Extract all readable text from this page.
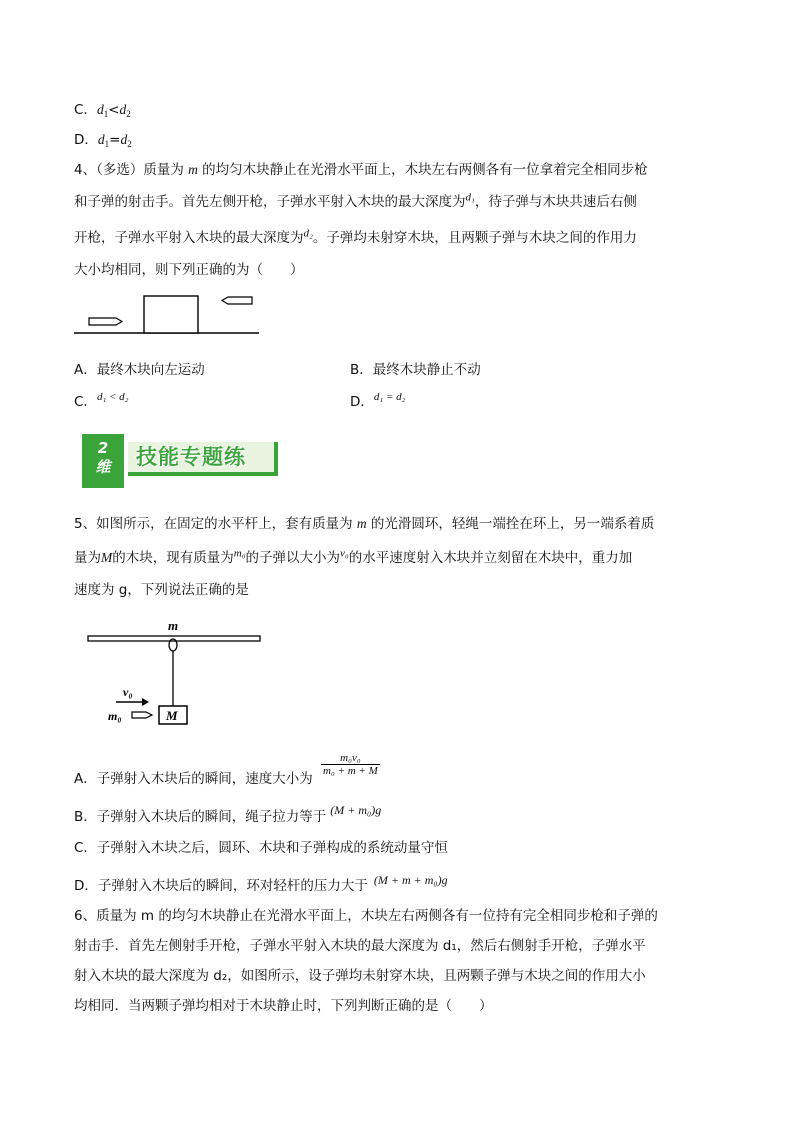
C．$d_1<d_2$
D．$d_1=d_2$
4、（多选）质量为 m 的均匀木块静止在光滑水平面上，木块左右两侧各有一位拿着完全相同步枪
和子弹的射击手。首先左侧开枪，子弹水平射入木块的最大深度为$^{d_1}$，待子弹与木块共速后右侧
开枪，子弹水平射入木块的最大深度为$^{d_2}$。子弹均未射穿木块，且两颗子弹与木块之间的作用力
大小均相同，则下列正确的为（　　）
A．最终木块向左运动	B．最终木块静止不动
C．$^{d_1 < d_2}$	D．$^{d_1 = d_2}$
2
维	技能专题练
5、如图所示，在固定的水平杆上，套有质量为 m 的光滑圆环，轻绳一端拴在环上，另一端系着质
量为M的木块，现有质量为$^{m_0}$的子弹以大小为$^{v_0}$的水平速度射入木块并立刻留在木块中，重力加
速度为 g，下列说法正确的是
m
M
v₀
m₀
A．子弹射入木块后的瞬间，速度大小为
$\frac{\text{m₀v₀}}{\text{m₀ + m + M}}$
B．子弹射入木块后的瞬间，绳子拉力等于 (M + m₀)g
C．子弹射入木块之后，圆环、木块和子弹构成的系统动量守恒
D．子弹射入木块后的瞬间，环对轻杆的压力大于 (M + m + m₀)g
6、质量为 m 的均匀木块静止在光滑水平面上，木块左右两侧各有一位持有完全相同步枪和子弹的
射击手．首先左侧射手开枪，子弹水平射入木块的最大深度为 d₁，然后右侧射手开枪，子弹水平
射入木块的最大深度为 d₂，如图所示，设子弹均未射穿木块，且两颗子弹与木块之间的作用大小
均相同．当两颗子弹均相对于木块静止时，下列判断正确的是（　　）
